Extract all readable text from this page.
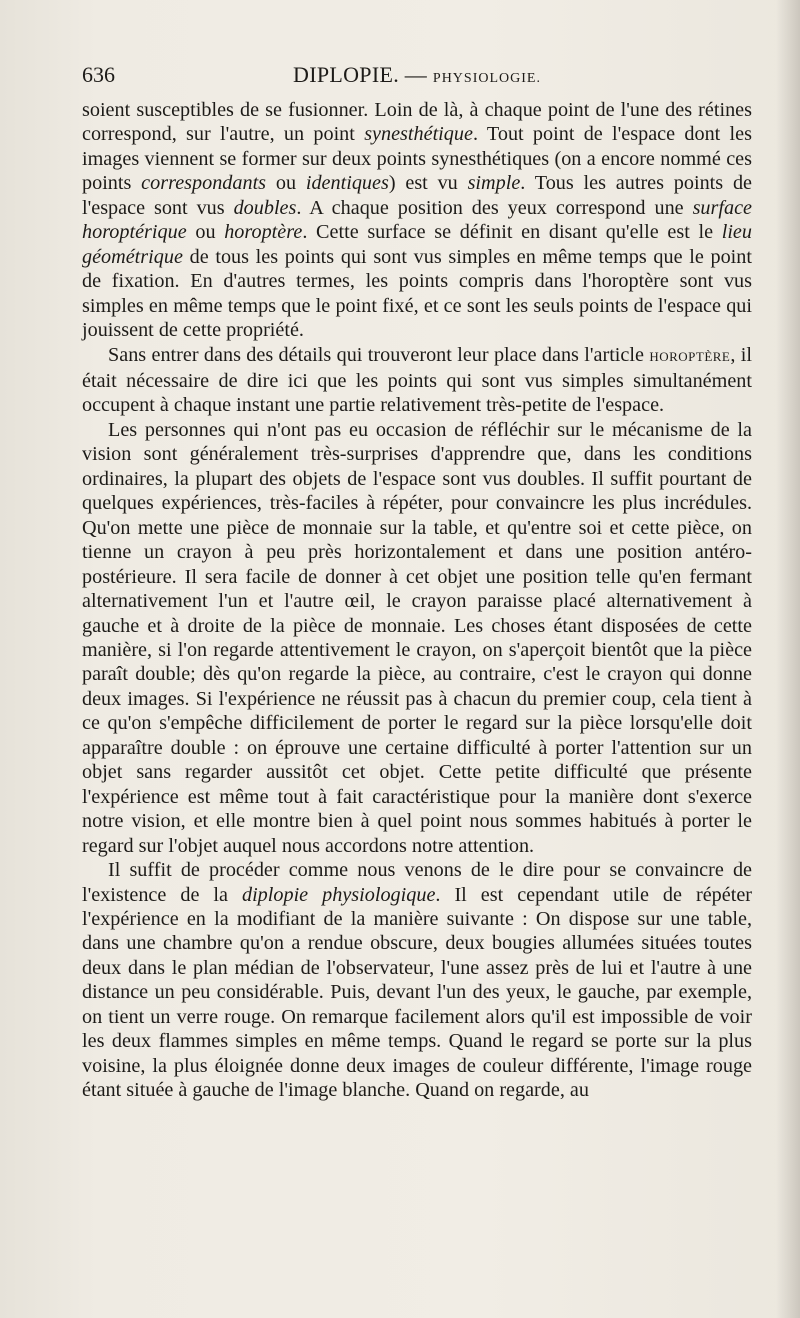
636	DIPLOPIE. — PHYSIOLOGIE.

soient susceptibles de se fusionner. Loin de là, à chaque point de l'une des rétines correspond, sur l'autre, un point synesthétique. Tout point de l'espace dont les images viennent se former sur deux points synesthétiques (on a encore nommé ces points correspondants ou identiques) est vu simple. Tous les autres points de l'espace sont vus doubles. A chaque position des yeux correspond une surface horoptérique ou horoptère. Cette surface se définit en disant qu'elle est le lieu géométrique de tous les points qui sont vus simples en même temps que le point de fixation. En d'autres termes, les points compris dans l'horoptère sont vus simples en même temps que le point fixé, et ce sont les seuls points de l'espace qui jouissent de cette propriété.

Sans entrer dans des détails qui trouveront leur place dans l'article HOROPTÈRE, il était nécessaire de dire ici que les points qui sont vus simples simultanément occupent à chaque instant une partie relativement très-petite de l'espace.

Les personnes qui n'ont pas eu occasion de réfléchir sur le mécanisme de la vision sont généralement très-surprises d'apprendre que, dans les conditions ordinaires, la plupart des objets de l'espace sont vus doubles. Il suffit pourtant de quelques expériences, très-faciles à répéter, pour convaincre les plus incrédules. Qu'on mette une pièce de monnaie sur la table, et qu'entre soi et cette pièce, on tienne un crayon à peu près horizontalement et dans une position antéro-postérieure. Il sera facile de donner à cet objet une position telle qu'en fermant alternativement l'un et l'autre œil, le crayon paraisse placé alternativement à gauche et à droite de la pièce de monnaie. Les choses étant disposées de cette manière, si l'on regarde attentivement le crayon, on s'aperçoit bientôt que la pièce paraît double; dès qu'on regarde la pièce, au contraire, c'est le crayon qui donne deux images. Si l'expérience ne réussit pas à chacun du premier coup, cela tient à ce qu'on s'empêche difficilement de porter le regard sur la pièce lorsqu'elle doit apparaître double : on éprouve une certaine difficulté à porter l'attention sur un objet sans regarder aussitôt cet objet. Cette petite difficulté que présente l'expérience est même tout à fait caractéristique pour la manière dont s'exerce notre vision, et elle montre bien à quel point nous sommes habitués à porter le regard sur l'objet auquel nous accordons notre attention.

Il suffit de procéder comme nous venons de le dire pour se convaincre de l'existence de la diplopie physiologique. Il est cependant utile de répéter l'expérience en la modifiant de la manière suivante : On dispose sur une table, dans une chambre qu'on a rendue obscure, deux bougies allumées situées toutes deux dans le plan médian de l'observateur, l'une assez près de lui et l'autre à une distance un peu considérable. Puis, devant l'un des yeux, le gauche, par exemple, on tient un verre rouge. On remarque facilement alors qu'il est impossible de voir les deux flammes simples en même temps. Quand le regard se porte sur la plus voisine, la plus éloignée donne deux images de couleur différente, l'image rouge étant située à gauche de l'image blanche. Quand on regarde, au
